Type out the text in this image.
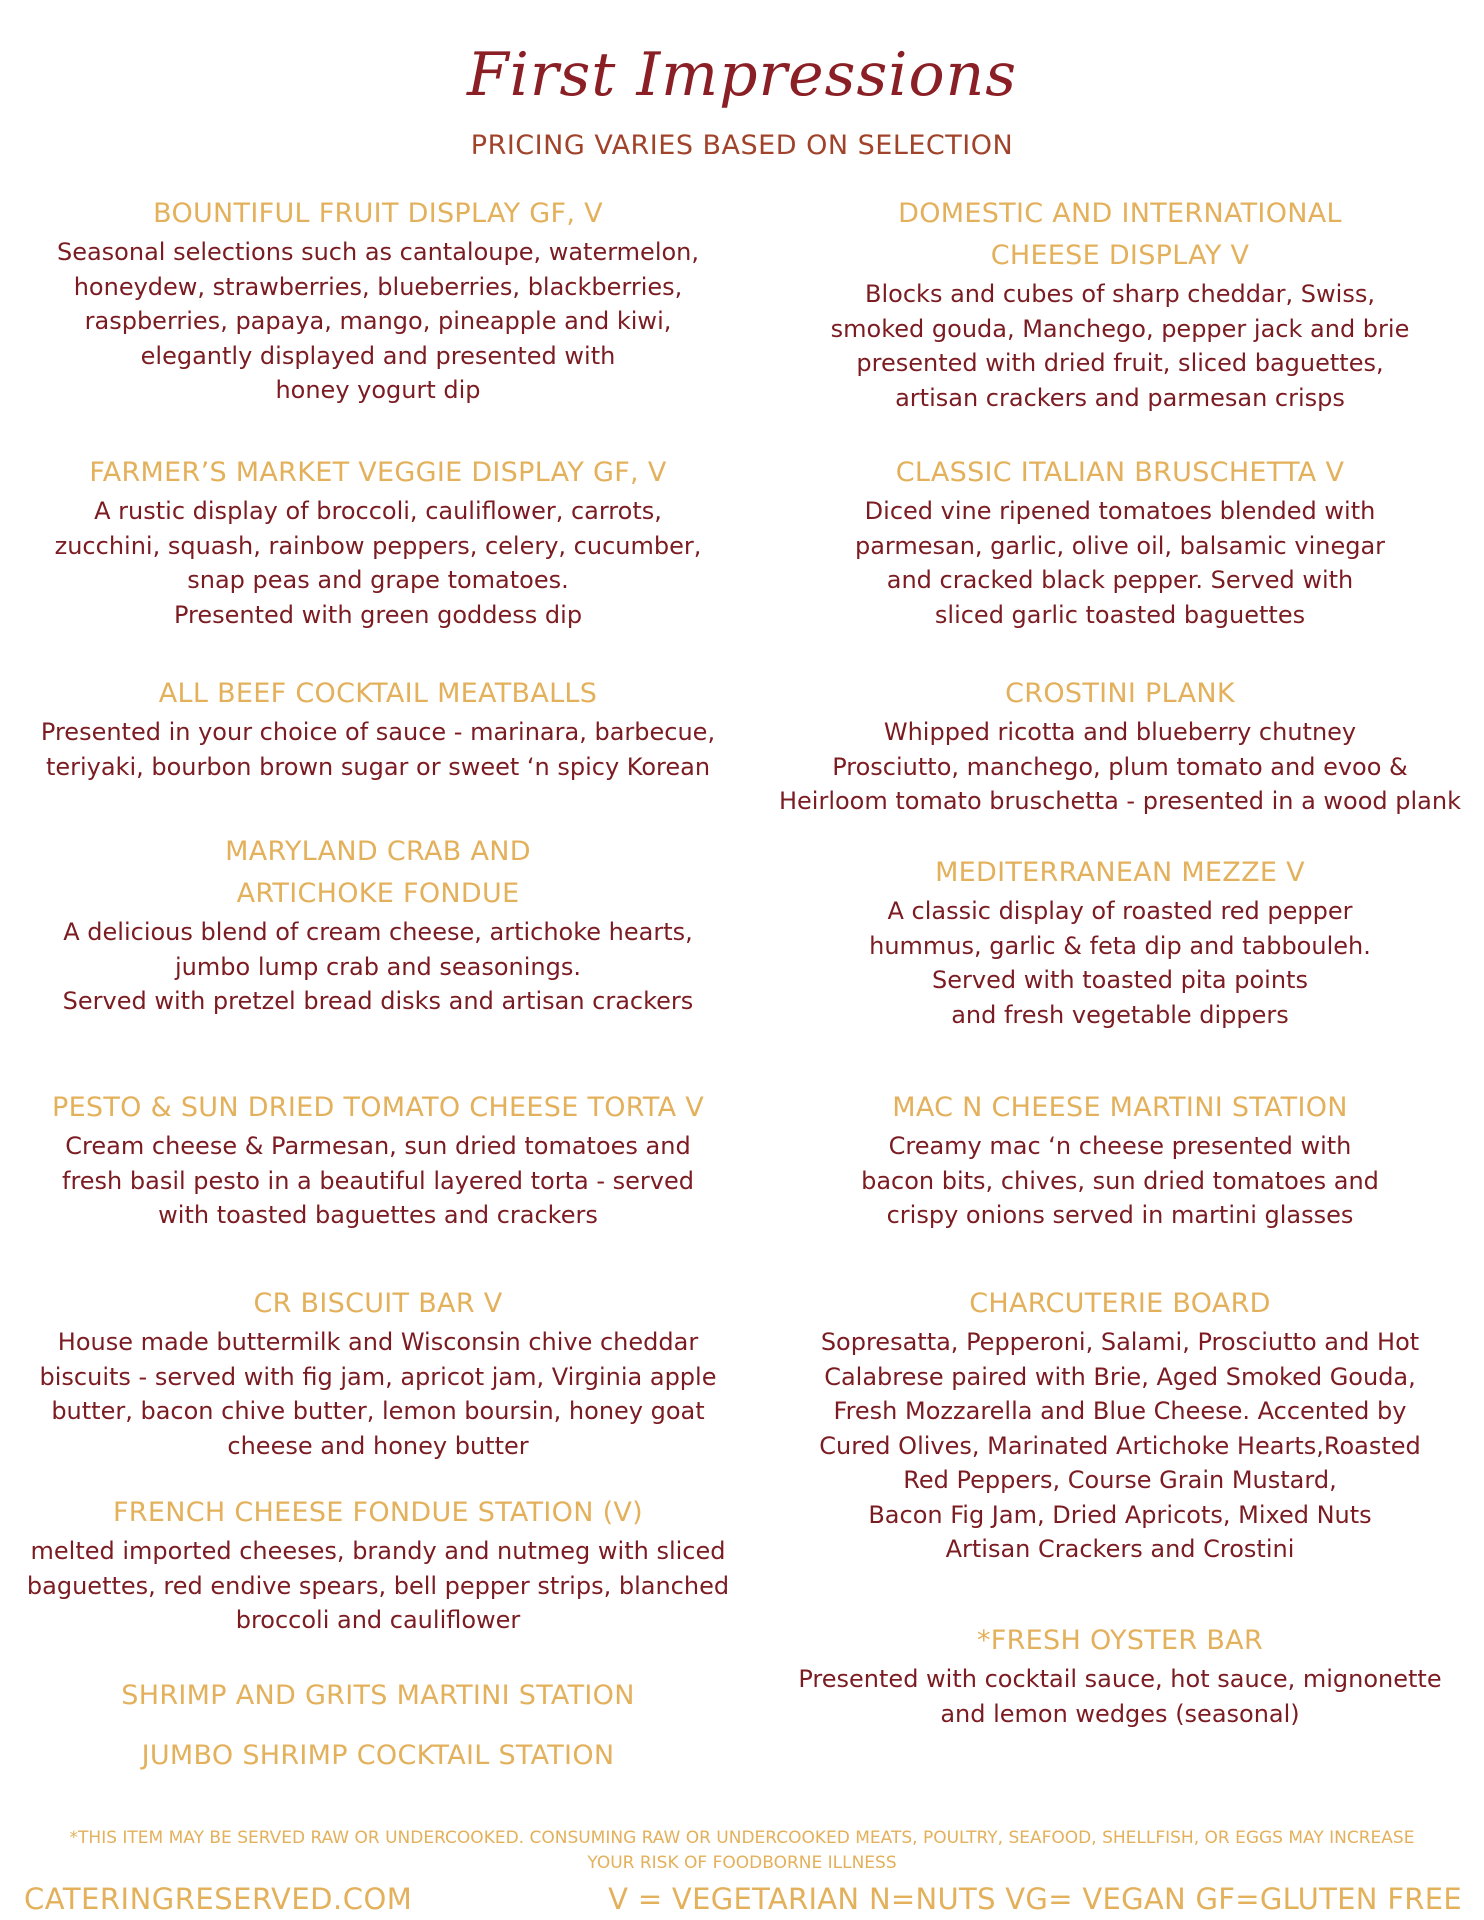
First Impressions
PRICING VARIES BASED ON SELECTION
BOUNTIFUL FRUIT DISPLAY GF, V
Seasonal selections such as cantaloupe, watermelon,
honeydew, strawberries, blueberries, blackberries,
raspberries, papaya, mango, pineapple and kiwi,
elegantly displayed and presented with
honey yogurt dip
FARMER’S MARKET VEGGIE DISPLAY GF, V
A rustic display of broccoli, cauliflower, carrots,
zucchini, squash, rainbow peppers, celery, cucumber,
snap peas and grape tomatoes.
Presented with green goddess dip
ALL BEEF COCKTAIL MEATBALLS
Presented in your choice of sauce - marinara, barbecue,
teriyaki, bourbon brown sugar or sweet ‘n spicy Korean
MARYLAND CRAB AND
ARTICHOKE FONDUE
A delicious blend of cream cheese, artichoke hearts,
jumbo lump crab and seasonings.
Served with pretzel bread disks and artisan crackers
PESTO & SUN DRIED TOMATO CHEESE TORTA V
Cream cheese & Parmesan, sun dried tomatoes and
fresh basil pesto in a beautiful layered torta - served
with toasted baguettes and crackers
CR BISCUIT BAR V
House made buttermilk and Wisconsin chive cheddar
biscuits - served with fig jam, apricot jam, Virginia apple
butter, bacon chive butter, lemon boursin, honey goat
cheese and honey butter
FRENCH CHEESE FONDUE STATION (V)
melted imported cheeses, brandy and nutmeg with sliced
baguettes, red endive spears, bell pepper strips, blanched
broccoli and cauliflower
SHRIMP AND GRITS MARTINI STATION
JUMBO SHRIMP COCKTAIL STATION
DOMESTIC AND INTERNATIONAL
CHEESE DISPLAY V
Blocks and cubes of sharp cheddar, Swiss,
smoked gouda, Manchego, pepper jack and brie
presented with dried fruit, sliced baguettes,
artisan crackers and parmesan crisps
CLASSIC ITALIAN BRUSCHETTA V
Diced vine ripened tomatoes blended with
parmesan, garlic, olive oil, balsamic vinegar
and cracked black pepper. Served with
sliced garlic toasted baguettes
CROSTINI PLANK
Whipped ricotta and blueberry chutney
Prosciutto, manchego, plum tomato and evoo &
Heirloom tomato bruschetta - presented in a wood plank
MEDITERRANEAN MEZZE V
A classic display of roasted red pepper
hummus, garlic & feta dip and tabbouleh.
Served with toasted pita points
and fresh vegetable dippers
MAC N CHEESE MARTINI STATION
Creamy mac ‘n cheese presented with
bacon bits, chives, sun dried tomatoes and
crispy onions served in martini glasses
CHARCUTERIE BOARD
Sopresatta, Pepperoni, Salami, Prosciutto and Hot
Calabrese paired with Brie, Aged Smoked Gouda,
Fresh Mozzarella and Blue Cheese. Accented by
Cured Olives, Marinated Artichoke Hearts,Roasted
Red Peppers, Course Grain Mustard,
Bacon Fig Jam, Dried Apricots, Mixed Nuts
Artisan Crackers and Crostini
*FRESH OYSTER BAR
Presented with cocktail sauce, hot sauce, mignonette
and lemon wedges (seasonal)
*THIS ITEM MAY BE SERVED RAW OR UNDERCOOKED. CONSUMING RAW OR UNDERCOOKED MEATS, POULTRY, SEAFOOD, SHELLFISH, OR EGGS MAY INCREASE YOUR RISK OF FOODBORNE ILLNESS
CATERINGRESERVED.COM	V = VEGETARIAN N=NUTS VG= VEGAN GF=GLUTEN FREE
